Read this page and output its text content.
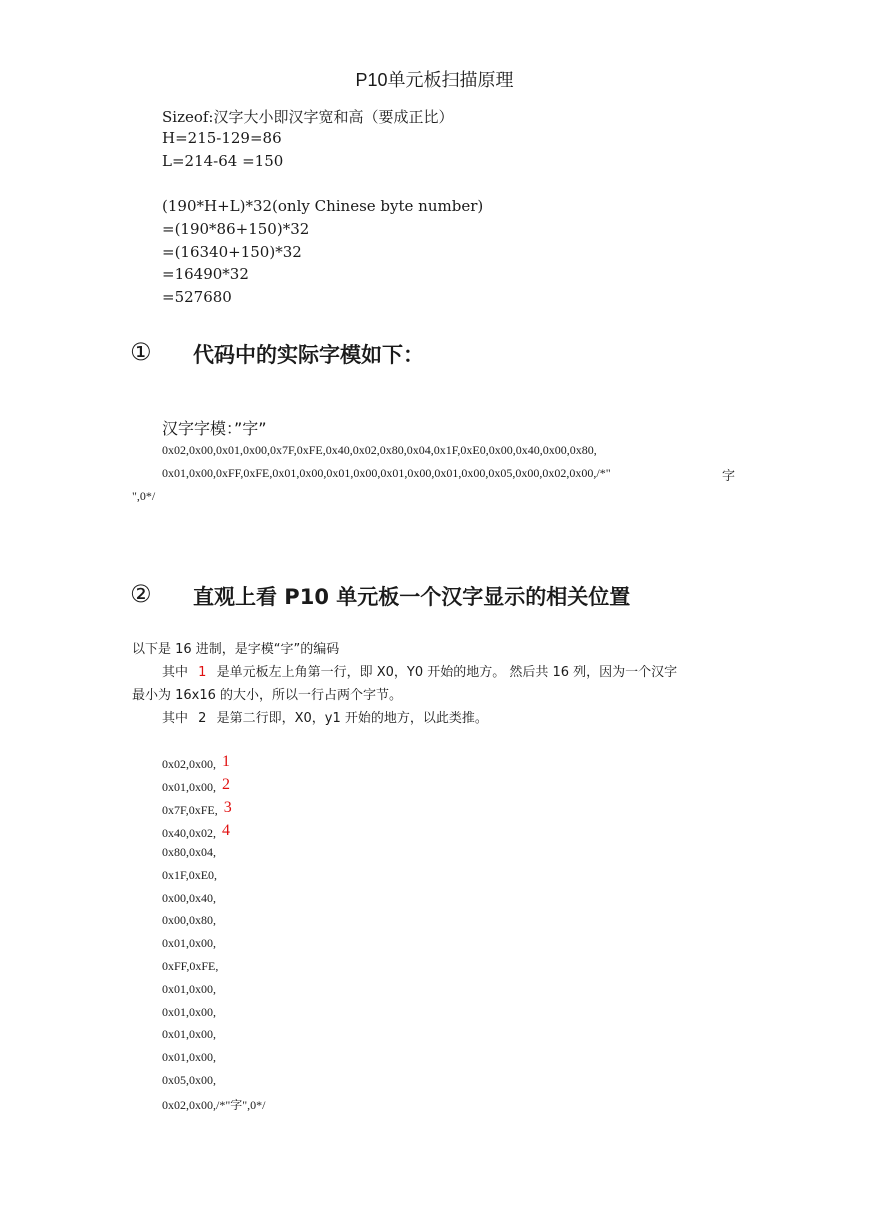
P10单元板扫描原理
Sizeof:汉字大小即汉字宽和高（要成正比）
H=215-129=86
L=214-64 =150
(190*H+L)*32(only Chinese byte number)
=(190*86+150)*32
=(16340+150)*32
=16490*32
=527680
① 代码中的实际字模如下：
汉字字模：”字”
0x02,0x00,0x01,0x00,0x7F,0xFE,0x40,0x02,0x80,0x04,0x1F,0xE0,0x00,0x40,0x00,0x80,
0x01,0x00,0xFF,0xFE,0x01,0x00,0x01,0x00,0x01,0x00,0x01,0x00,0x05,0x00,0x02,0x00,/*"	字
",0*/
② 直观上看 P10 单元板一个汉字显示的相关位置
以下是 16 进制，是字模“字”的编码
其中 1 是单元板左上角第一行，即 X0，Y0 开始的地方。 然后共 16 列，因为一个汉字
最小为 16x16 的大小，所以一行占两个字节。
其中 2 是第二行即，X0，y1 开始的地方，以此类推。
0x02,0x00, 1
0x01,0x00, 2
0x7F,0xFE, 3
0x40,0x02, 4
0x80,0x04,
0x1F,0xE0,
0x00,0x40,
0x00,0x80,
0x01,0x00,
0xFF,0xFE,
0x01,0x00,
0x01,0x00,
0x01,0x00,
0x01,0x00,
0x05,0x00,
0x02,0x00,/*"字",0*/
